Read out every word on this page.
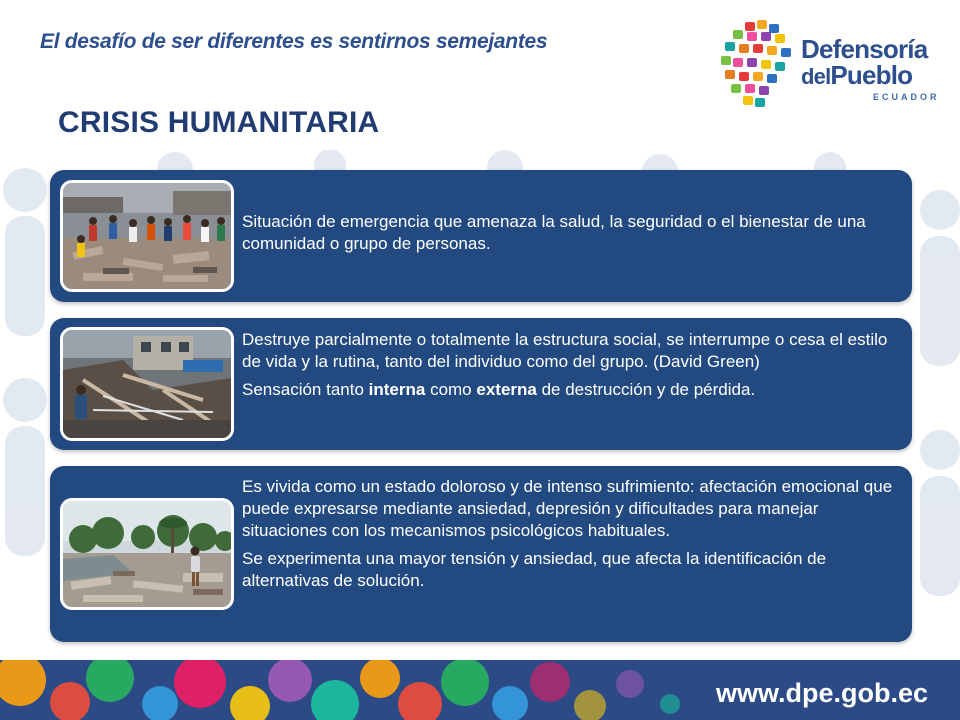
El desafío de ser diferentes es sentirnos semejantes	Defensoría
delPueblo
ECUADOR
CRISIS HUMANITARIA

Situación de emergencia que amenaza la salud, la seguridad o el bienestar de una comunidad o grupo de personas.

Destruye parcialmente o totalmente la estructura social, se interrumpe o cesa el estilo de vida y la rutina, tanto del individuo como del grupo. (David Green)

Sensación tanto interna como externa de destrucción y de pérdida.

Es vivida como un estado doloroso y de intenso sufrimiento: afectación emocional que puede expresarse mediante ansiedad, depresión y dificultades para manejar situaciones con los mecanismos psicológicos habituales.

Se experimenta una mayor tensión y ansiedad, que afecta la identificación de alternativas de solución.

www.dpe.gob.ec
